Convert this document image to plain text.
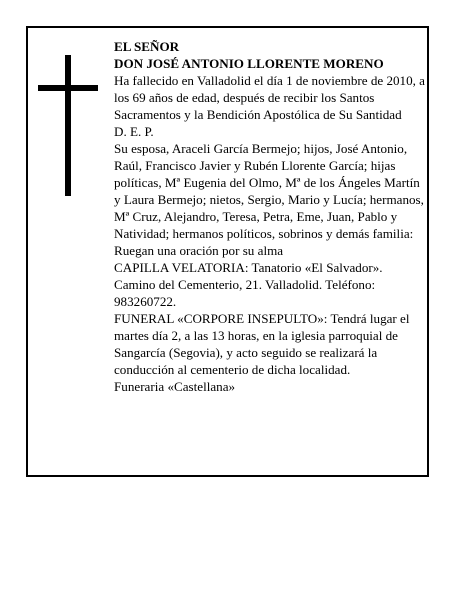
EL SEÑOR

DON JOSÉ ANTONIO LLORENTE MORENO

Ha fallecido en Valladolid el día 1 de noviembre de 2010, a los 69 años de edad, después de recibir los Santos Sacramentos y la Bendición Apostólica de Su Santidad

D. E. P.

Su esposa, Araceli García Bermejo; hijos, José Antonio, Raúl, Francisco Javier y Rubén Llorente García; hijas políticas, Mª Eugenia del Olmo, Mª de los Ángeles Martín y Laura Bermejo; nietos, Sergio, Mario y Lucía; hermanos, Mª Cruz, Alejandro, Teresa, Petra, Eme, Juan, Pablo y Natividad; hermanos políticos, sobrinos y demás familia:

Ruegan una oración por su alma

CAPILLA VELATORIA: Tanatorio «El Salvador». Camino del Cementerio, 21. Valladolid. Teléfono: 983260722.

FUNERAL «CORPORE INSEPULTO»: Tendrá lugar el martes día 2, a las 13 horas, en la iglesia parroquial de Sangarcía (Segovia), y acto seguido se realizará la conducción al cementerio de dicha localidad.

Funeraria «Castellana»
